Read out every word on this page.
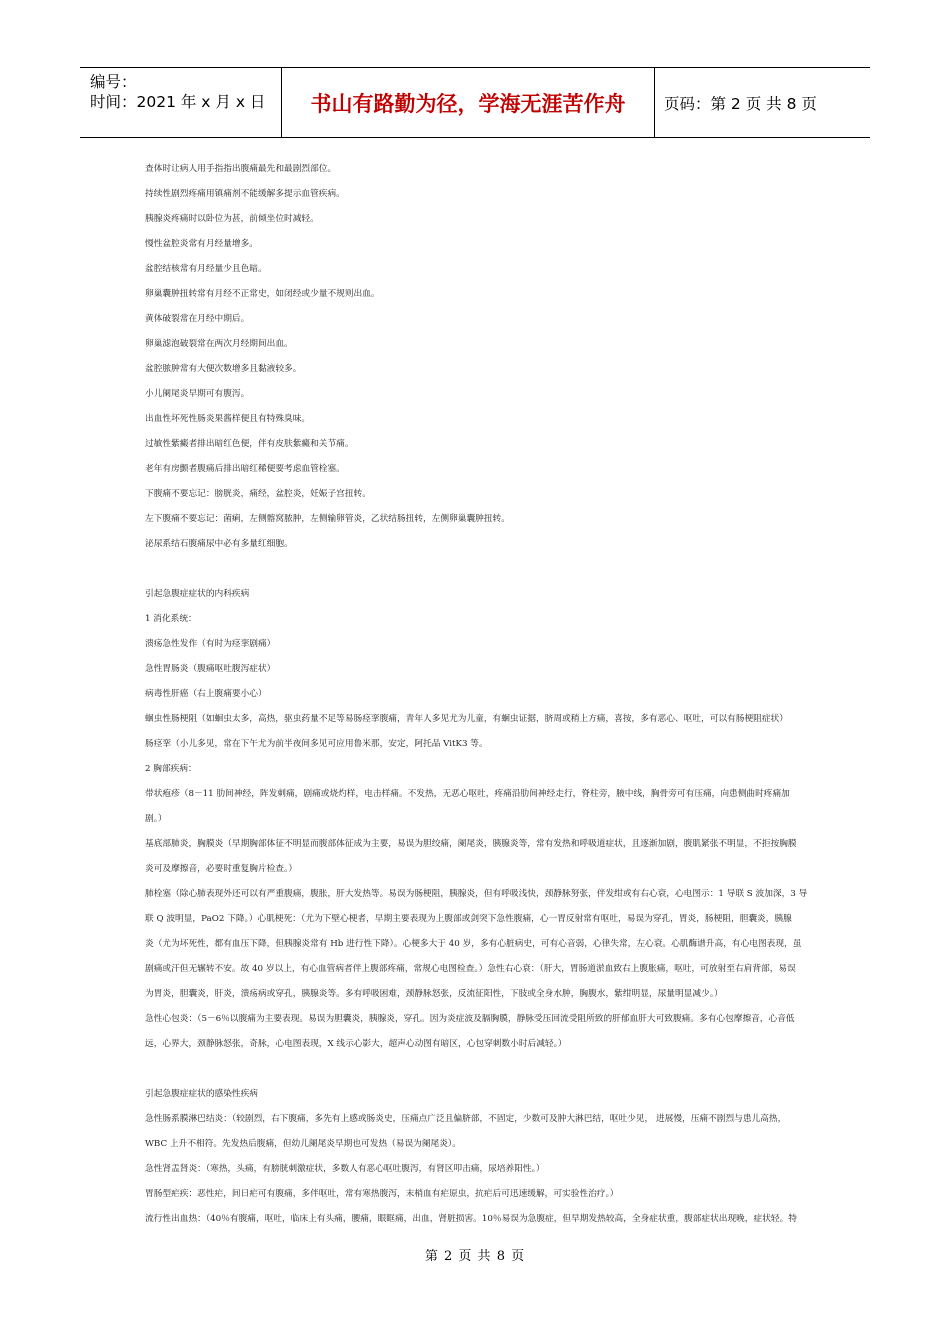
编号：
时间：2021 年 x 月 x 日	书山有路勤为径，学海无涯苦作舟	页码：第 2 页 共 8 页

查体时让病人用手指指出腹痛最先和最剧烈部位。

持续性剧烈疼痛用镇痛剂不能缓解多提示血管疾病。

胰腺炎疼痛时以卧位为甚，前倾坐位时减轻。

慢性盆腔炎常有月经量增多。

盆腔结核常有月经量少且色暗。

卵巢囊肿扭转常有月经不正常史，如闭经或少量不规则出血。

黄体破裂常在月经中期后。

卵巢滤泡破裂常在两次月经期间出血。

盆腔脓肿常有大便次数增多且黏液较多。

小儿阑尾炎早期可有腹泻。

出血性坏死性肠炎果酱样便且有特殊臭味。

过敏性紫癜者排出暗红色便，伴有皮肤紫癜和关节痛。

老年有房颤者腹痛后排出暗红稀便要考虑血管栓塞。

下腹痛不要忘记：膀胱炎，痛经，盆腔炎，妊娠子宫扭转。

左下腹痛不要忘记：菌痢，左侧髂窝脓肿，左侧输卵管炎，乙状结肠扭转，左侧卵巢囊肿扭转。

泌尿系结石腹痛尿中必有多量红细胞。

引起急腹症症状的内科疾病

1 消化系统：

溃疡急性发作（有时为痉挛剧痛）

急性胃肠炎（腹痛呕吐腹泻症状）

病毒性肝癌（右上腹痛要小心）

蛔虫性肠梗阻（如蛔虫太多，高热，驱虫药量不足等易肠痉挛腹痛，青年人多见尤为儿童，有蛔虫证据，脐周或稍上方痛，喜按，多有恶心、呕吐，可以有肠梗阻症状）

肠痉挛（小儿多见，常在下午尤为前半夜间多见可应用鲁米那，安定，阿托品 VitK3 等。

2 胸部疾病：

带状疱疹（8－11 肋间神经，阵发刺痛，剧痛或烧灼样，电击样痛。不发热，无恶心呕吐，疼痛沿肋间神经走行，脊柱旁，腋中线，胸骨旁可有压痛，向患侧曲时疼痛加

剧。）

基底部肺炎，胸膜炎（早期胸部体征不明显而腹部体征成为主要，易误为胆绞痛，阑尾炎，胰腺炎等，常有发热和呼吸道症状，且逐渐加剧，腹肌紧张不明显，不拒按胸膜

炎可及摩擦音，必要时重复胸片检查。）

肺栓塞（除心肺表现外还可以有严重腹痛，腹胀，肝大发热等。易误为肠梗阻，胰腺炎，但有呼吸浅快，颈静脉努张，伴发绀或有右心衰，心电图示：1 导联 S 波加深，3 导

联 Q 波明显，PaO2 下降。）心肌梗死：（尤为下壁心梗者，早期主要表现为上腹部或剑突下急性腹痛，心一胃反射常有呕吐，易误为穿孔，胃炎，肠梗阻，胆囊炎，胰腺

炎（尤为坏死性，都有血压下降，但胰腺炎常有 Hb 进行性下降）。心梗多大于 40 岁，多有心脏病史，可有心音弱，心律失常，左心衰。心肌酶谱升高，有心电图表现，虽

剧痛或汗但无辗转不安。故 40 岁以上，有心血管病者伴上腹部疼痛，常规心电图检查。）急性右心衰：（肝大，胃肠道淤血致右上腹胀痛，呕吐，可放射至右肩背部，易误

为胃炎，胆囊炎，肝炎，溃疡病或穿孔，胰腺炎等。多有呼吸困难，颈静脉怒张，反流征阳性，下肢或全身水肿，胸腹水，紫绀明显，尿量明显减少。）

急性心包炎：（5－6％以腹痛为主要表现。易误为胆囊炎，胰腺炎，穿孔。因为炎症波及膈胸膜，静脉受压回流受阻所致的肝郁血肝大可致腹痛。多有心包摩擦音，心音低

远，心界大，颈静脉怒张，奇脉，心电图表现，X 线示心影大，超声心动图有暗区，心包穿刺数小时后减轻。）

引起急腹症症状的感染性疾病

急性肠系膜淋巴结炎：（较剧烈，右下腹痛，多先有上感或肠炎史，压痛点广泛且偏脐部，不固定，少数可及肿大淋巴结，呕吐少见， 进展慢，压痛不剧烈与患儿高热，

WBC 上升不相符。先发热后腹痛，但幼儿阑尾炎早期也可发热（易误为阑尾炎）。

急性肾盂肾炎：（寒热，头痛，有膀胱刺激症状，多数人有恶心呕吐腹泻，有肾区叩击痛，尿培养阳性。）

胃肠型疟疾：恶性疟，间日疟可有腹痛，多伴呕吐，常有寒热腹泻，末梢血有疟原虫，抗疟后可迅速缓解，可实验性治疗。）

流行性出血热：（40％有腹痛，呕吐，临床上有头痛，腰痛，眼眶痛，出血，肾脏损害。10％易误为急腹症，但早期发热较高，全身症状重，腹部症状出现晚，症状轻。特

第 2 页 共 8 页
